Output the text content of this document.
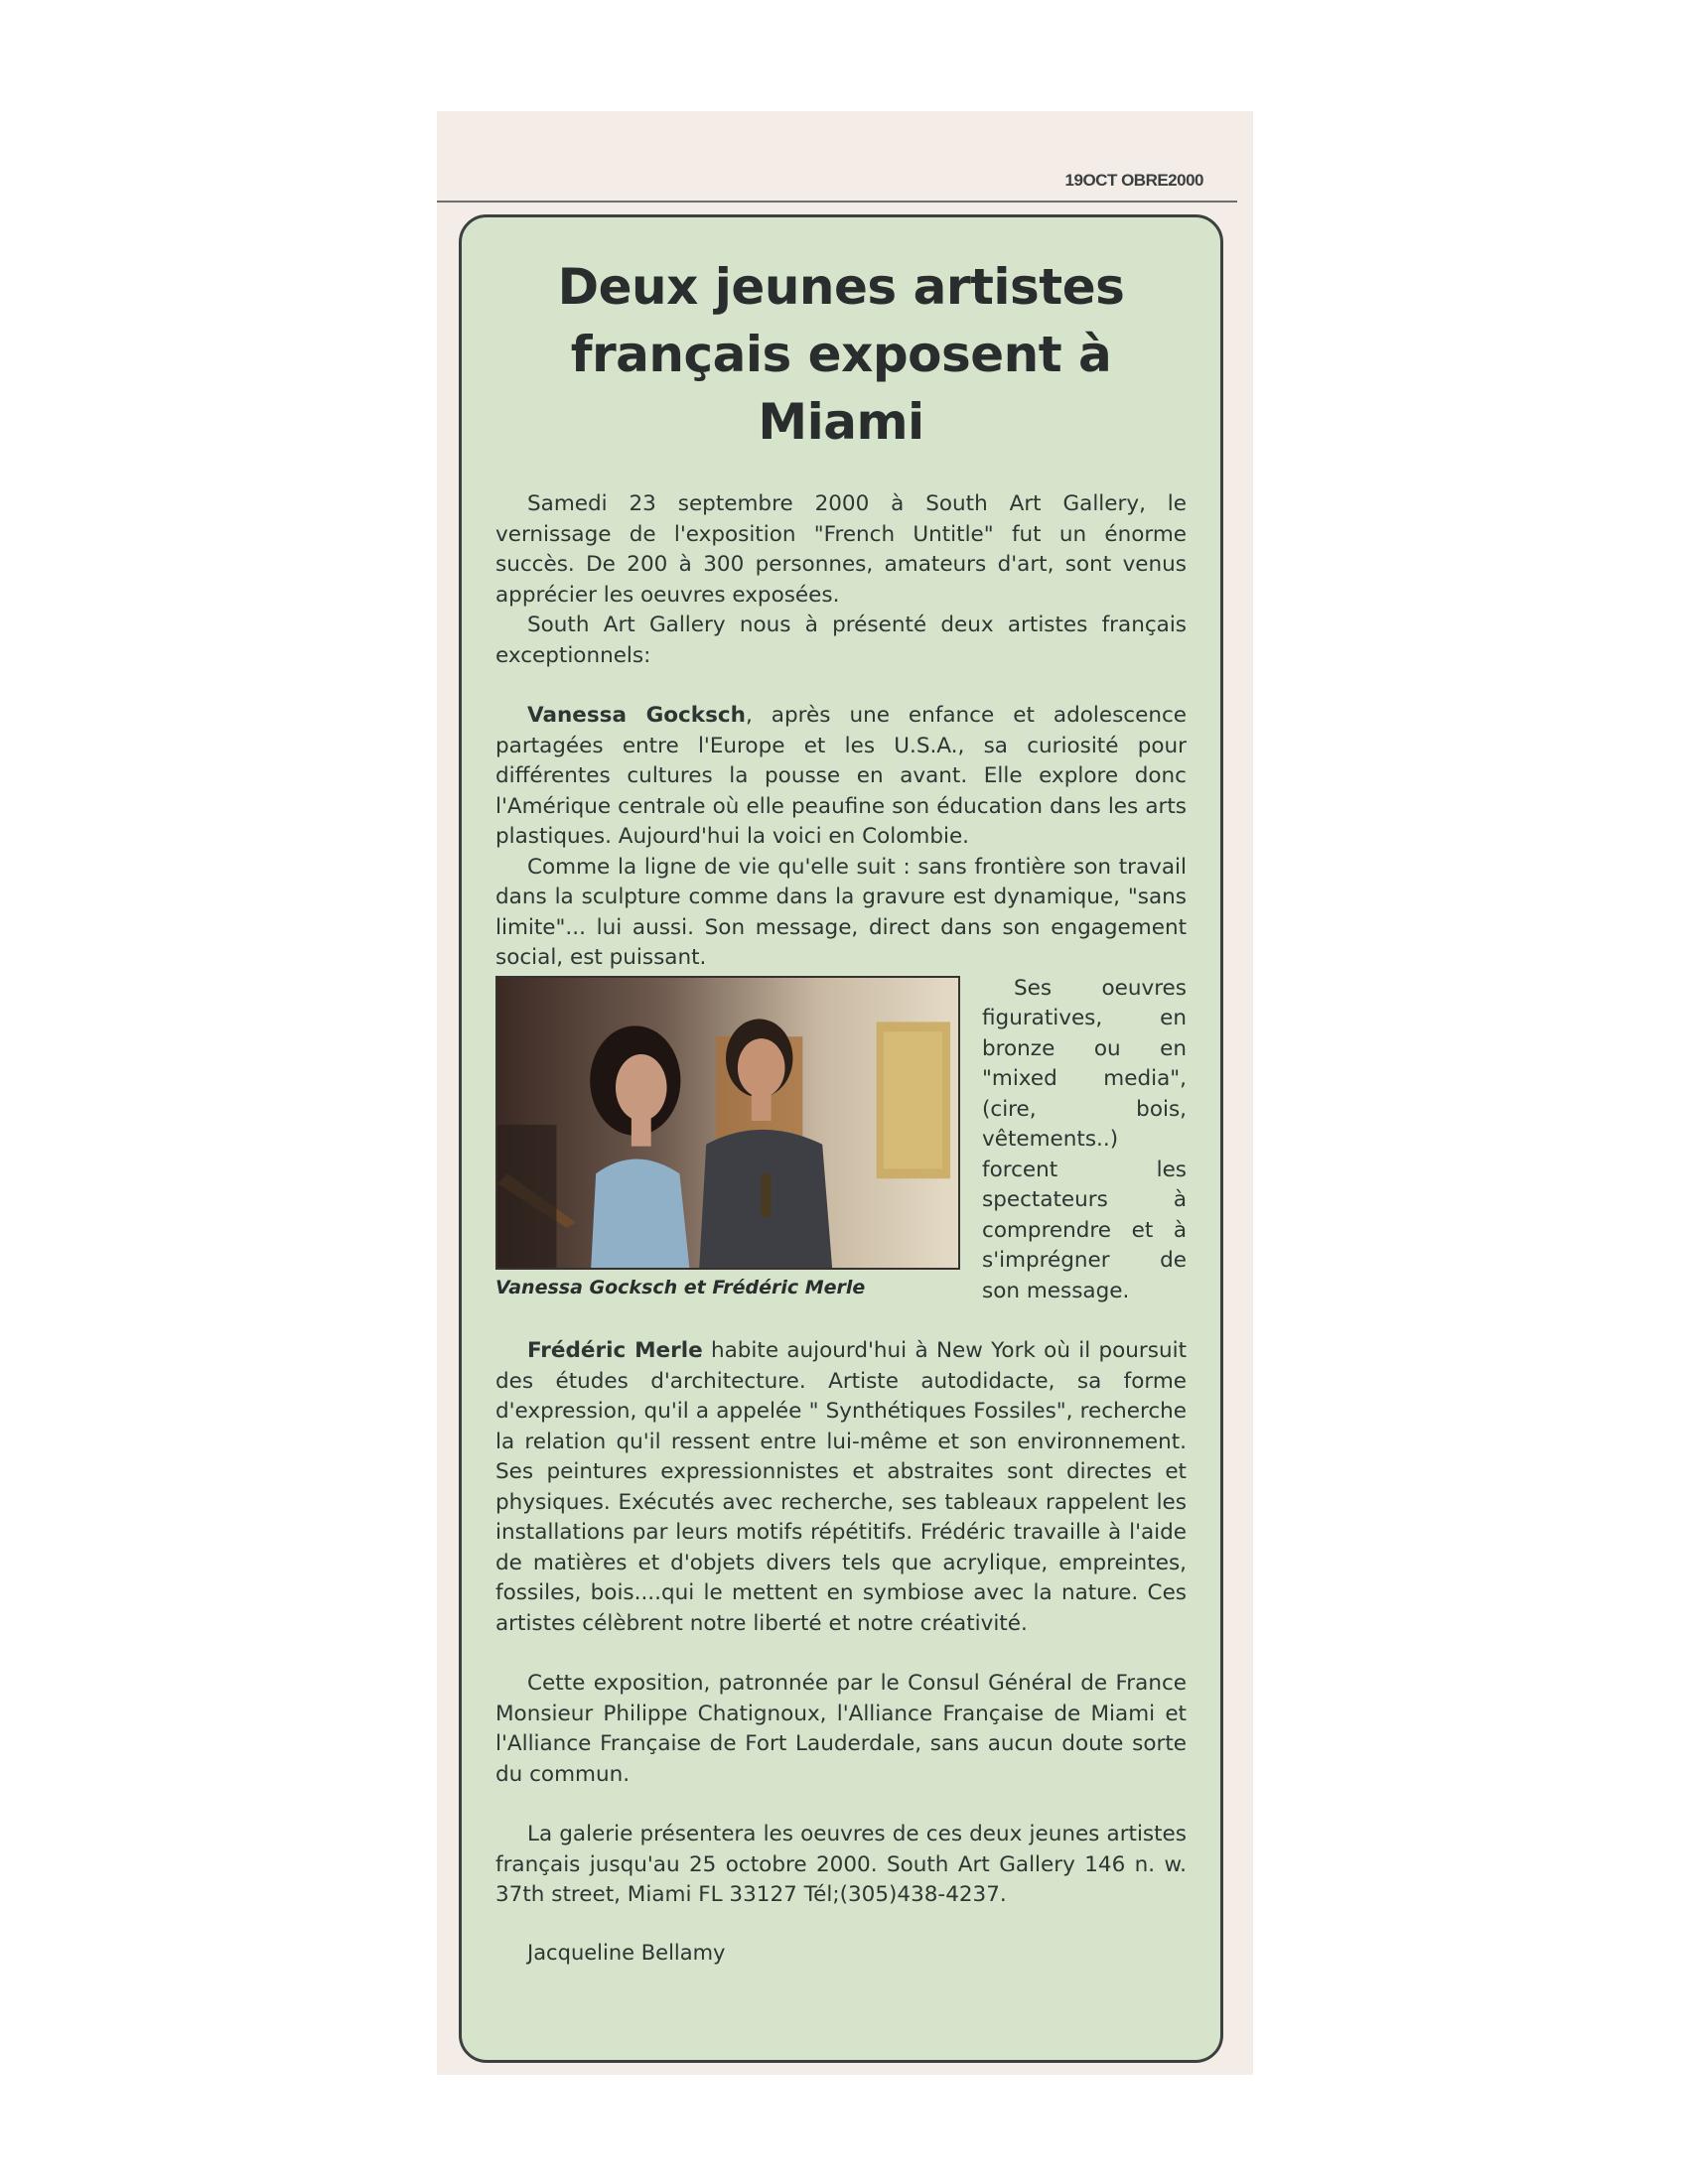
19OCT OBRE2000
Deux jeunes artistes
français exposent à Miami

Samedi 23 septembre 2000 à South Art Gallery, le vernissage de l'exposition "French Untitle" fut un énorme succès. De 200 à 300 personnes, amateurs d'art, sont venus apprécier les oeuvres exposées.

South Art Gallery nous à présenté deux artistes français exceptionnels:

Vanessa Gocksch, après une enfance et adolescence partagées entre l'Europe et les U.S.A., sa curiosité pour différentes cultures la pousse en avant. Elle explore donc l'Amérique centrale où elle peaufine son éducation dans les arts plastiques. Aujourd'hui la voici en Colombie.

Comme la ligne de vie qu'elle suit : sans frontière son travail dans la sculpture comme dans la gravure est dynamique, "sans limite"... lui aussi. Son message, direct dans son engagement social, est puissant.

Vanessa Gocksch et Frédéric Merle

Ses oeuvres figuratives, en bronze ou en "mixed media", (cire, bois, vêtements..) forcent les spectateurs à comprendre et à s'imprégner de son message.

Frédéric Merle habite aujourd'hui à New York où il poursuit des études d'architecture. Artiste autodidacte, sa forme d'expression, qu'il a appelée " Synthétiques Fossiles", recherche la relation qu'il ressent entre lui-même et son environnement. Ses peintures expressionnistes et abstraites sont directes et physiques. Exécutés avec recherche, ses tableaux rappelent les installations par leurs motifs répétitifs. Frédéric travaille à l'aide de matières et d'objets divers tels que acrylique, empreintes, fossiles, bois....qui le mettent en symbiose avec la nature. Ces artistes célèbrent notre liberté et notre créativité.

Cette exposition, patronnée par le Consul Général de France Monsieur Philippe Chatignoux, l'Alliance Française de Miami et l'Alliance Française de Fort Lauderdale, sans aucun doute sorte du commun.

La galerie présentera les oeuvres de ces deux jeunes artistes français jusqu'au 25 octobre 2000. South Art Gallery 146 n. w. 37th street, Miami FL 33127 Tél;(305)438-4237.

Jacqueline Bellamy
